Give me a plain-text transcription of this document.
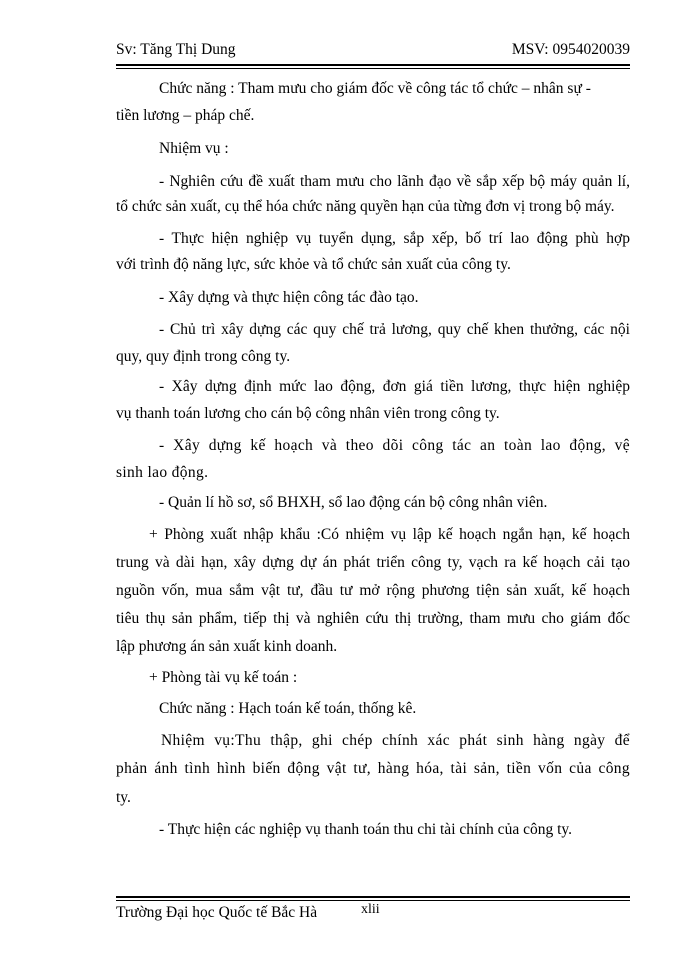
Sv: Tăng Thị Dung	MSV: 0954020039
Chức năng : Tham mưu cho giám đốc về công tác tổ chức – nhân sự -
tiền lương – pháp chế.
Nhiệm vụ :
- Nghiên cứu đề xuất tham mưu cho lãnh đạo về sắp xếp bộ máy quản lí,
tổ chức sản xuất, cụ thể hóa chức năng quyền hạn của từng đơn vị trong bộ máy.
- Thực hiện nghiệp vụ tuyển dụng, sắp xếp, bố trí lao động phù hợp
với trình độ năng lực, sức khỏe và tổ chức sản xuất của công ty.
- Xây dựng và thực hiện công tác đào tạo.
- Chủ trì xây dựng các quy chế trả lương, quy chế khen thưởng, các nội
quy, quy định trong công ty.
- Xây dựng định mức lao động, đơn giá tiền lương, thực hiện nghiệp
vụ thanh toán lương cho cán bộ công nhân viên trong công ty.
- Xây dựng kế hoạch và theo dõi công tác an toàn lao động, vệ
sinh lao động.
- Quản lí hồ sơ, sổ BHXH, sổ lao động cán bộ công nhân viên.
+ Phòng xuất nhập khẩu :Có nhiệm vụ lập kế hoạch ngắn hạn, kế hoạch
trung và dài hạn, xây dựng dự án phát triển công ty, vạch ra kế hoạch cải tạo
nguồn vốn, mua sắm vật tư, đầu tư mở rộng phương tiện sản xuất, kế hoạch
tiêu thụ sản phẩm, tiếp thị và nghiên cứu thị trường, tham mưu cho giám đốc
lập phương án sản xuất kinh doanh.
+ Phòng tài vụ kế toán :
Chức năng : Hạch toán kế toán, thống kê.
Nhiệm vụ:Thu thập, ghi chép chính xác phát sinh hàng ngày để
phản ánh tình hình biến động vật tư, hàng hóa, tài sản, tiền vốn của công
ty.
- Thực hiện các nghiệp vụ thanh toán thu chi tài chính của công ty.
Trường Đại học Quốc tế Bắc Hà	xlii
